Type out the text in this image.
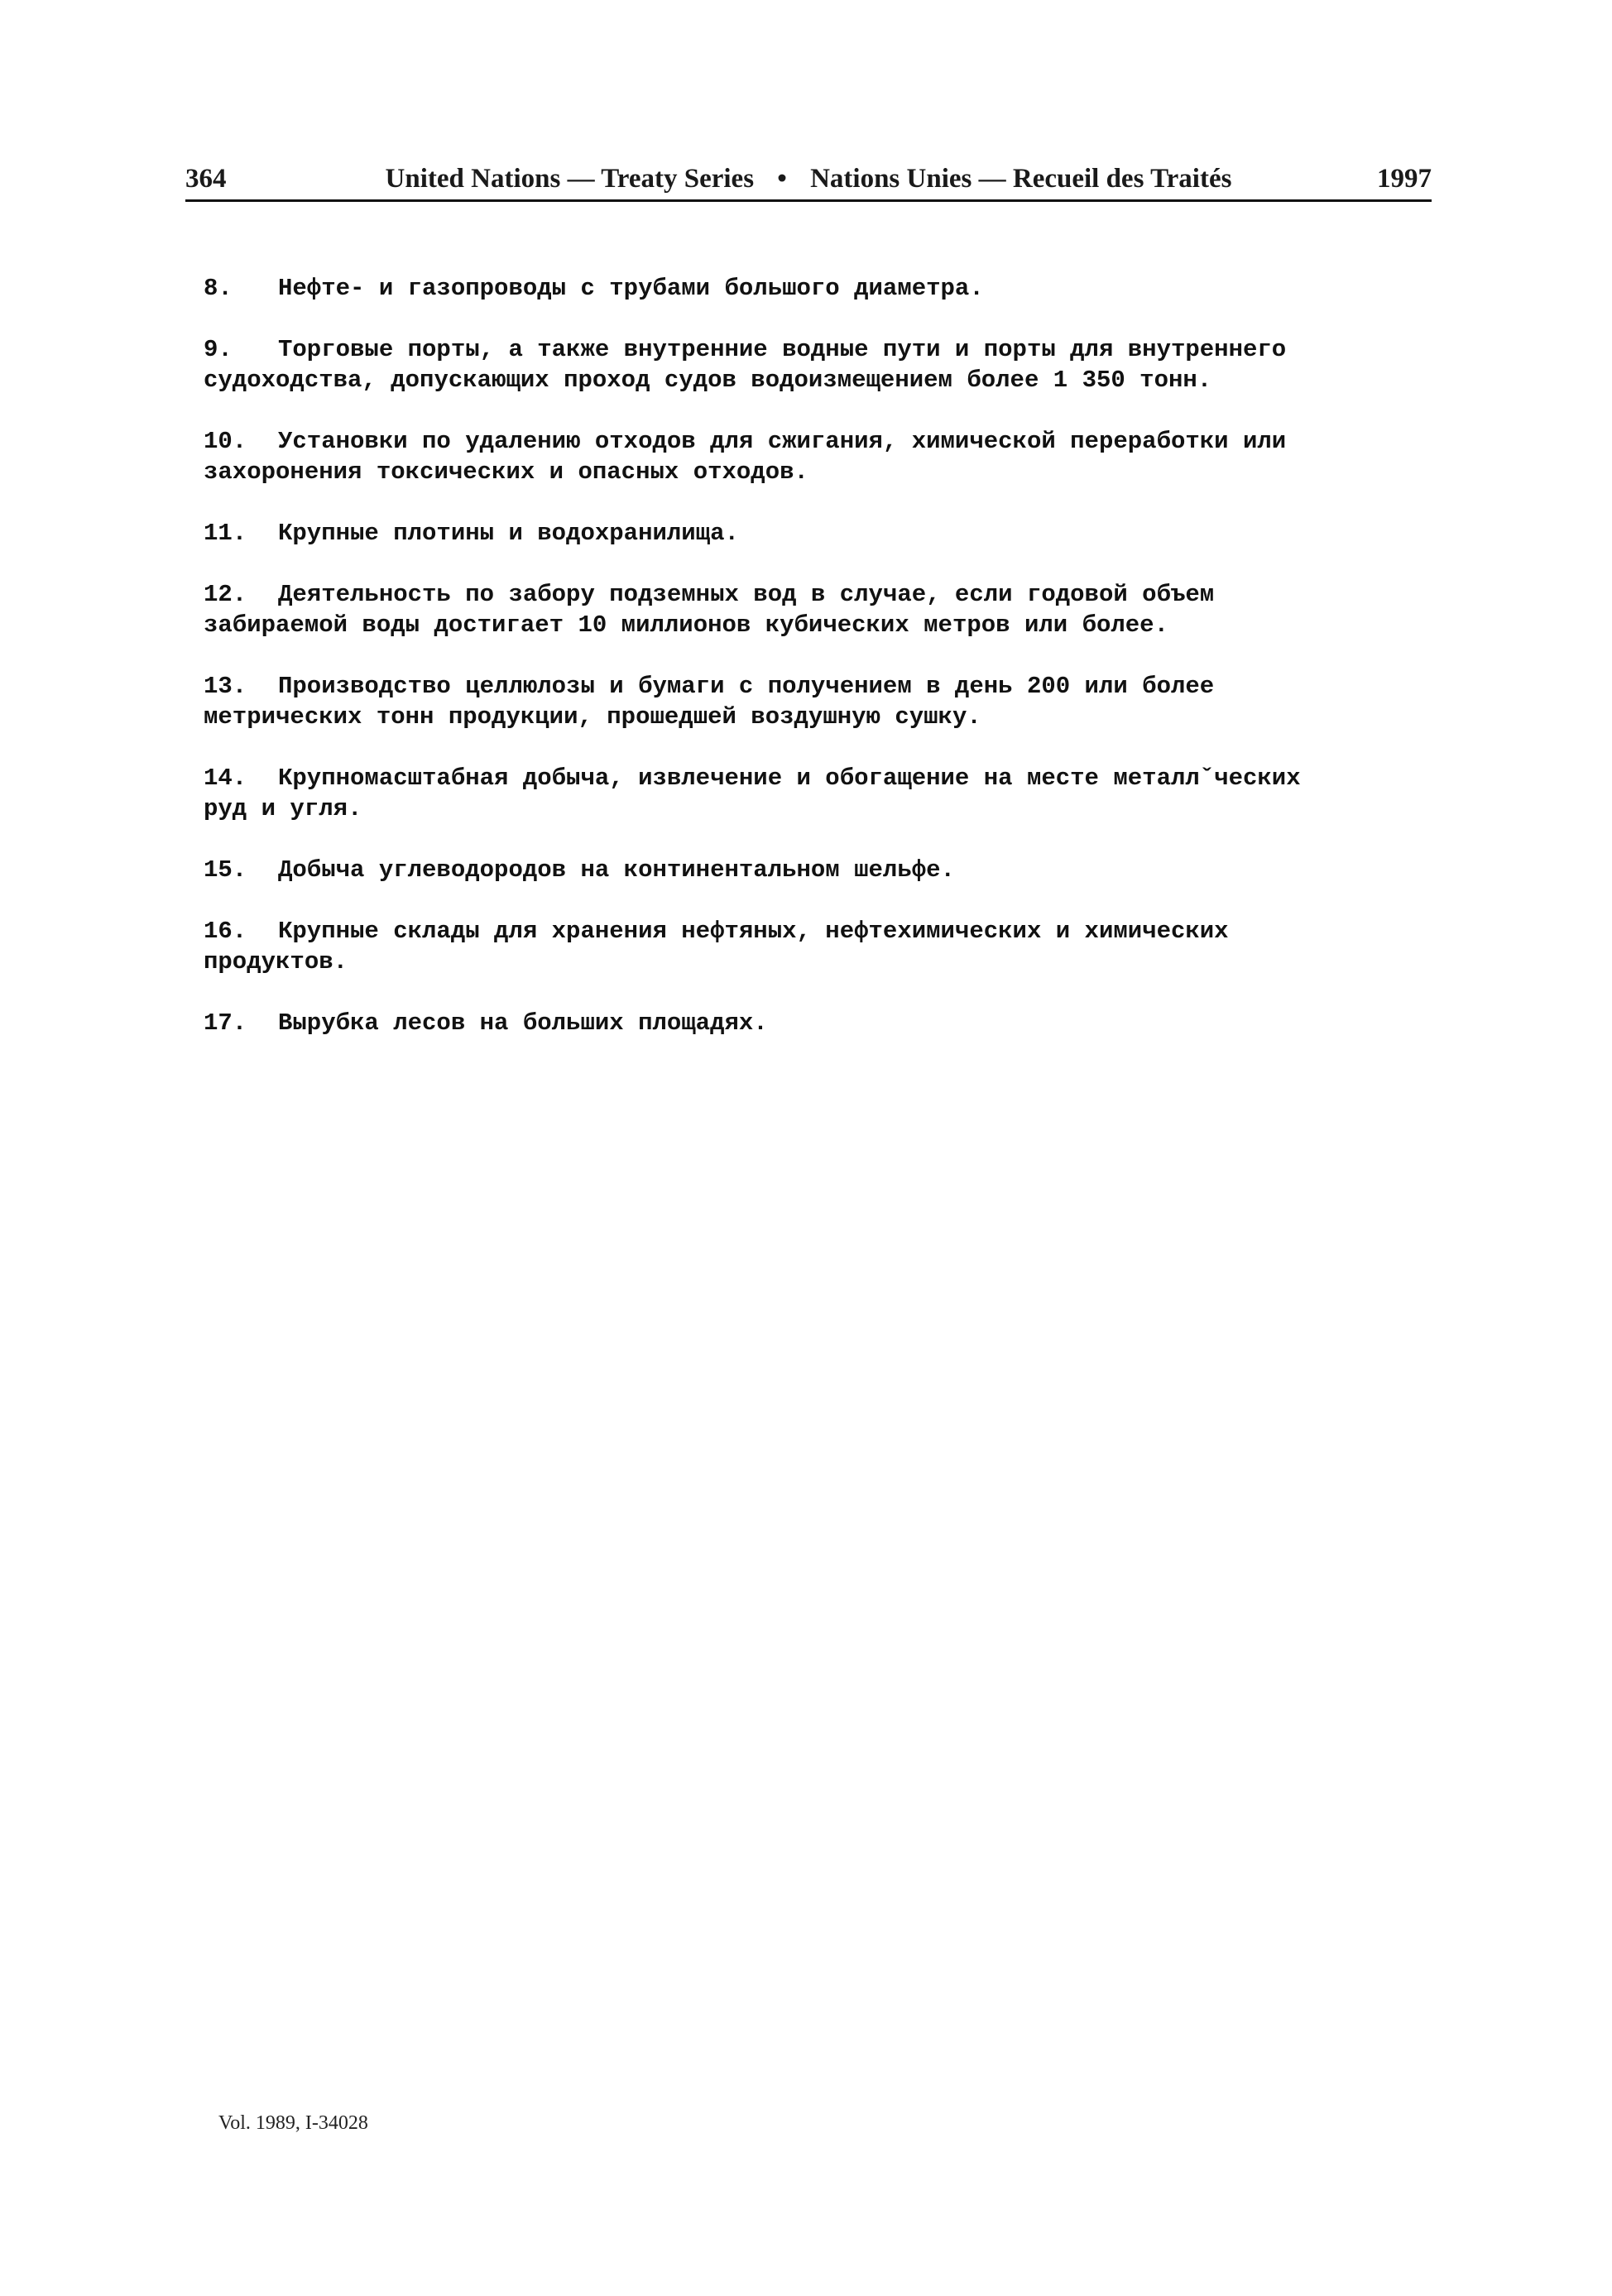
364	United Nations — Treaty Series • Nations Unies — Recueil des Traités	1997
8. Нефте- и газопроводы с трубами большого диаметра.
9. Торговые порты, а также внутренние водные пути и порты для внутреннего
судоходства, допускающих проход судов водоизмещением более 1 350 тонн.
10. Установки по удалению отходов для сжигания, химической переработки или
захоронения токсических и опасных отходов.
11. Крупные плотины и водохранилища.
12. Деятельность по забору подземных вод в случае, если годовой объем
забираемой воды достигает 10 миллионов кубических метров или более.
13. Производство целлюлозы и бумаги с получением в день 200 или более
метрических тонн продукции, прошедшей воздушную сушку.
14. Крупномасштабная добыча, извлечение и обогащение на месте металлˇческих
руд и угля.
15. Добыча углеводородов на континентальном шельфе.
16. Крупные склады для хранения нефтяных, нефтехимических и химических
продуктов.
17. Вырубка лесов на больших площадях.
Vol. 1989, I-34028
